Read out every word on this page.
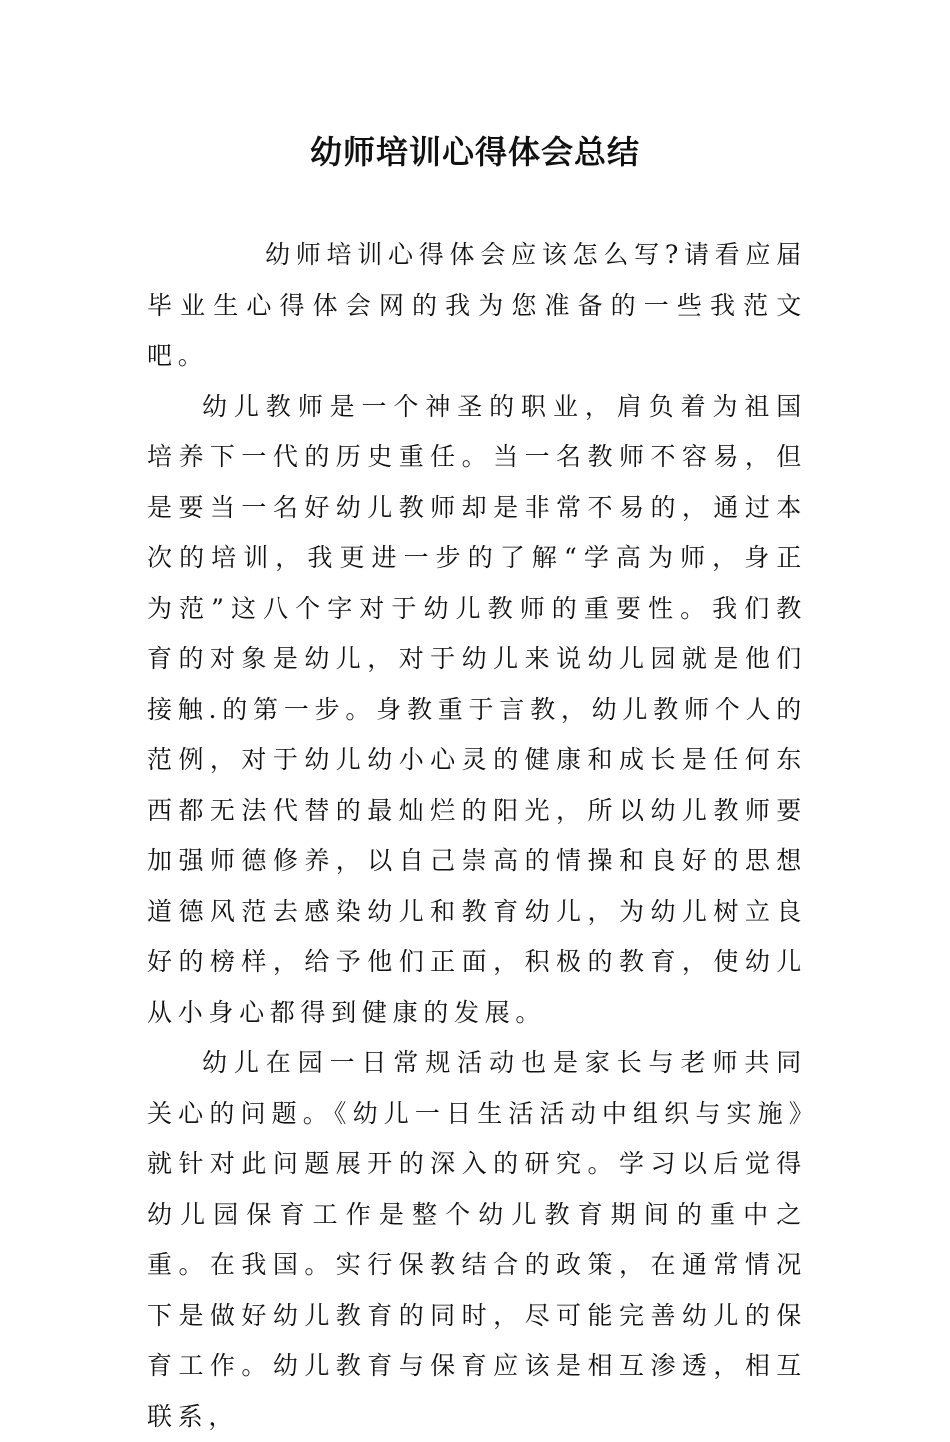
幼师培训心得体会总结

幼师培训心得体会应该怎么写?请看应届毕业生心得体会网的我为您准备的一些我范文吧。

幼儿教师是一个神圣的职业，肩负着为祖国培养下一代的历史重任。当一名教师不容易，但是要当一名好幼儿教师却是非常不易的，通过本次的培训，我更进一步的了解“学高为师，身正为范”这八个字对于幼儿教师的重要性。我们教育的对象是幼儿，对于幼儿来说幼儿园就是他们接触.的第一步。身教重于言教，幼儿教师个人的范例，对于幼儿幼小心灵的健康和成长是任何东西都无法代替的最灿烂的阳光，所以幼儿教师要加强师德修养，以自己崇高的情操和良好的思想道德风范去感染幼儿和教育幼儿，为幼儿树立良好的榜样，给予他们正面，积极的教育，使幼儿从小身心都得到健康的发展。

幼儿在园一日常规活动也是家长与老师共同关心的问题。《幼儿一日生活活动中组织与实施》就针对此问题展开的深入的研究。学习以后觉得幼儿园保育工作是整个幼儿教育期间的重中之重。在我国。实行保教结合的政策，在通常情况下是做好幼儿教育的同时，尽可能完善幼儿的保育工作。幼儿教育与保育应该是相互渗透，相互联系，
